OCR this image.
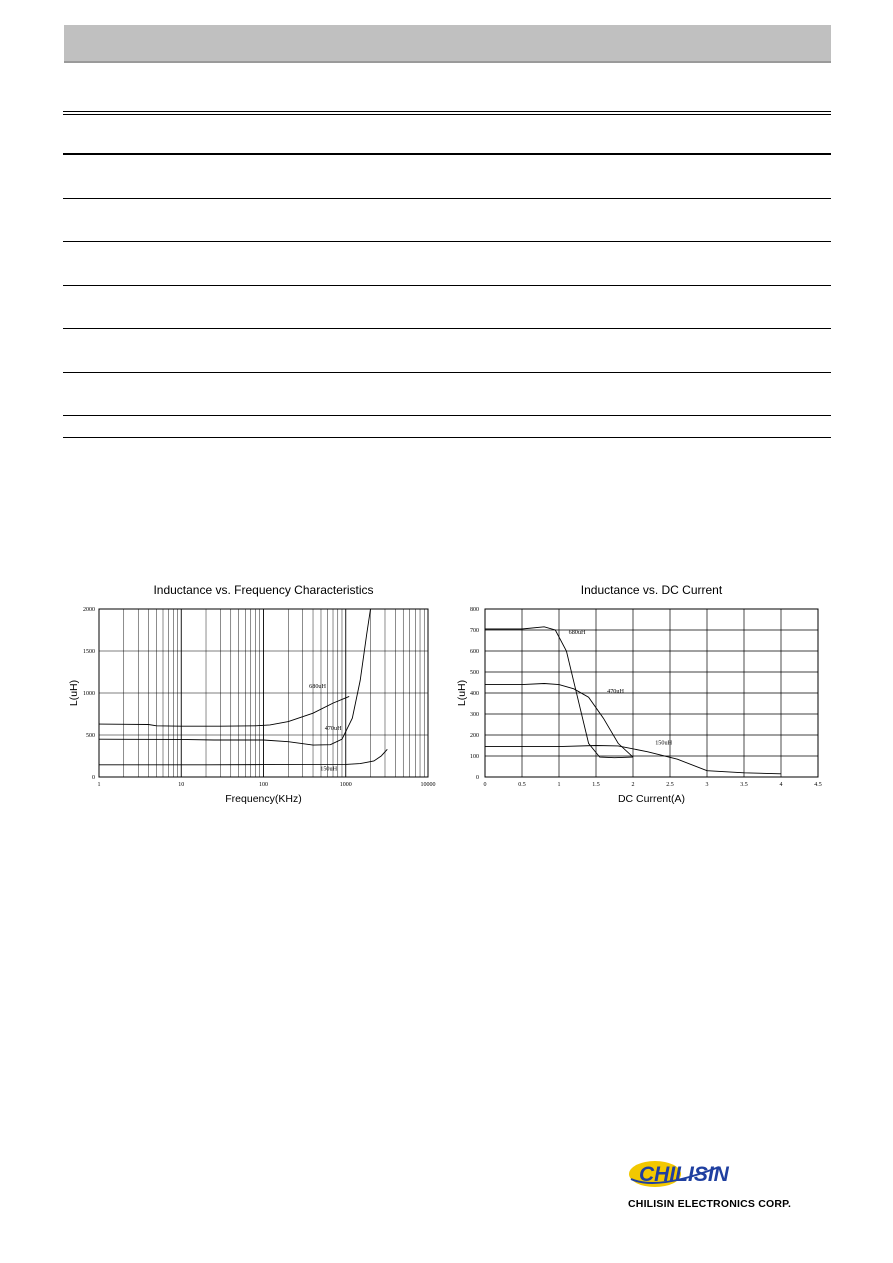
Inductance vs. Frequency Characteristics
0
500
1000
1500
2000
1	10	100	1000	10000
Frequency(KHz)
L(uH)	680uH
470uH
150uH
Inductance vs. DC Current
0	0.5	1	1.5	2	2.5	3	3.5	4	4.5
0
100
200
300
400
500
600
700
800
DC Current(A)
L(uH)
680uH
470uH
150uH
CHILISIN
CHILISIN ELECTRONICS CORP.
